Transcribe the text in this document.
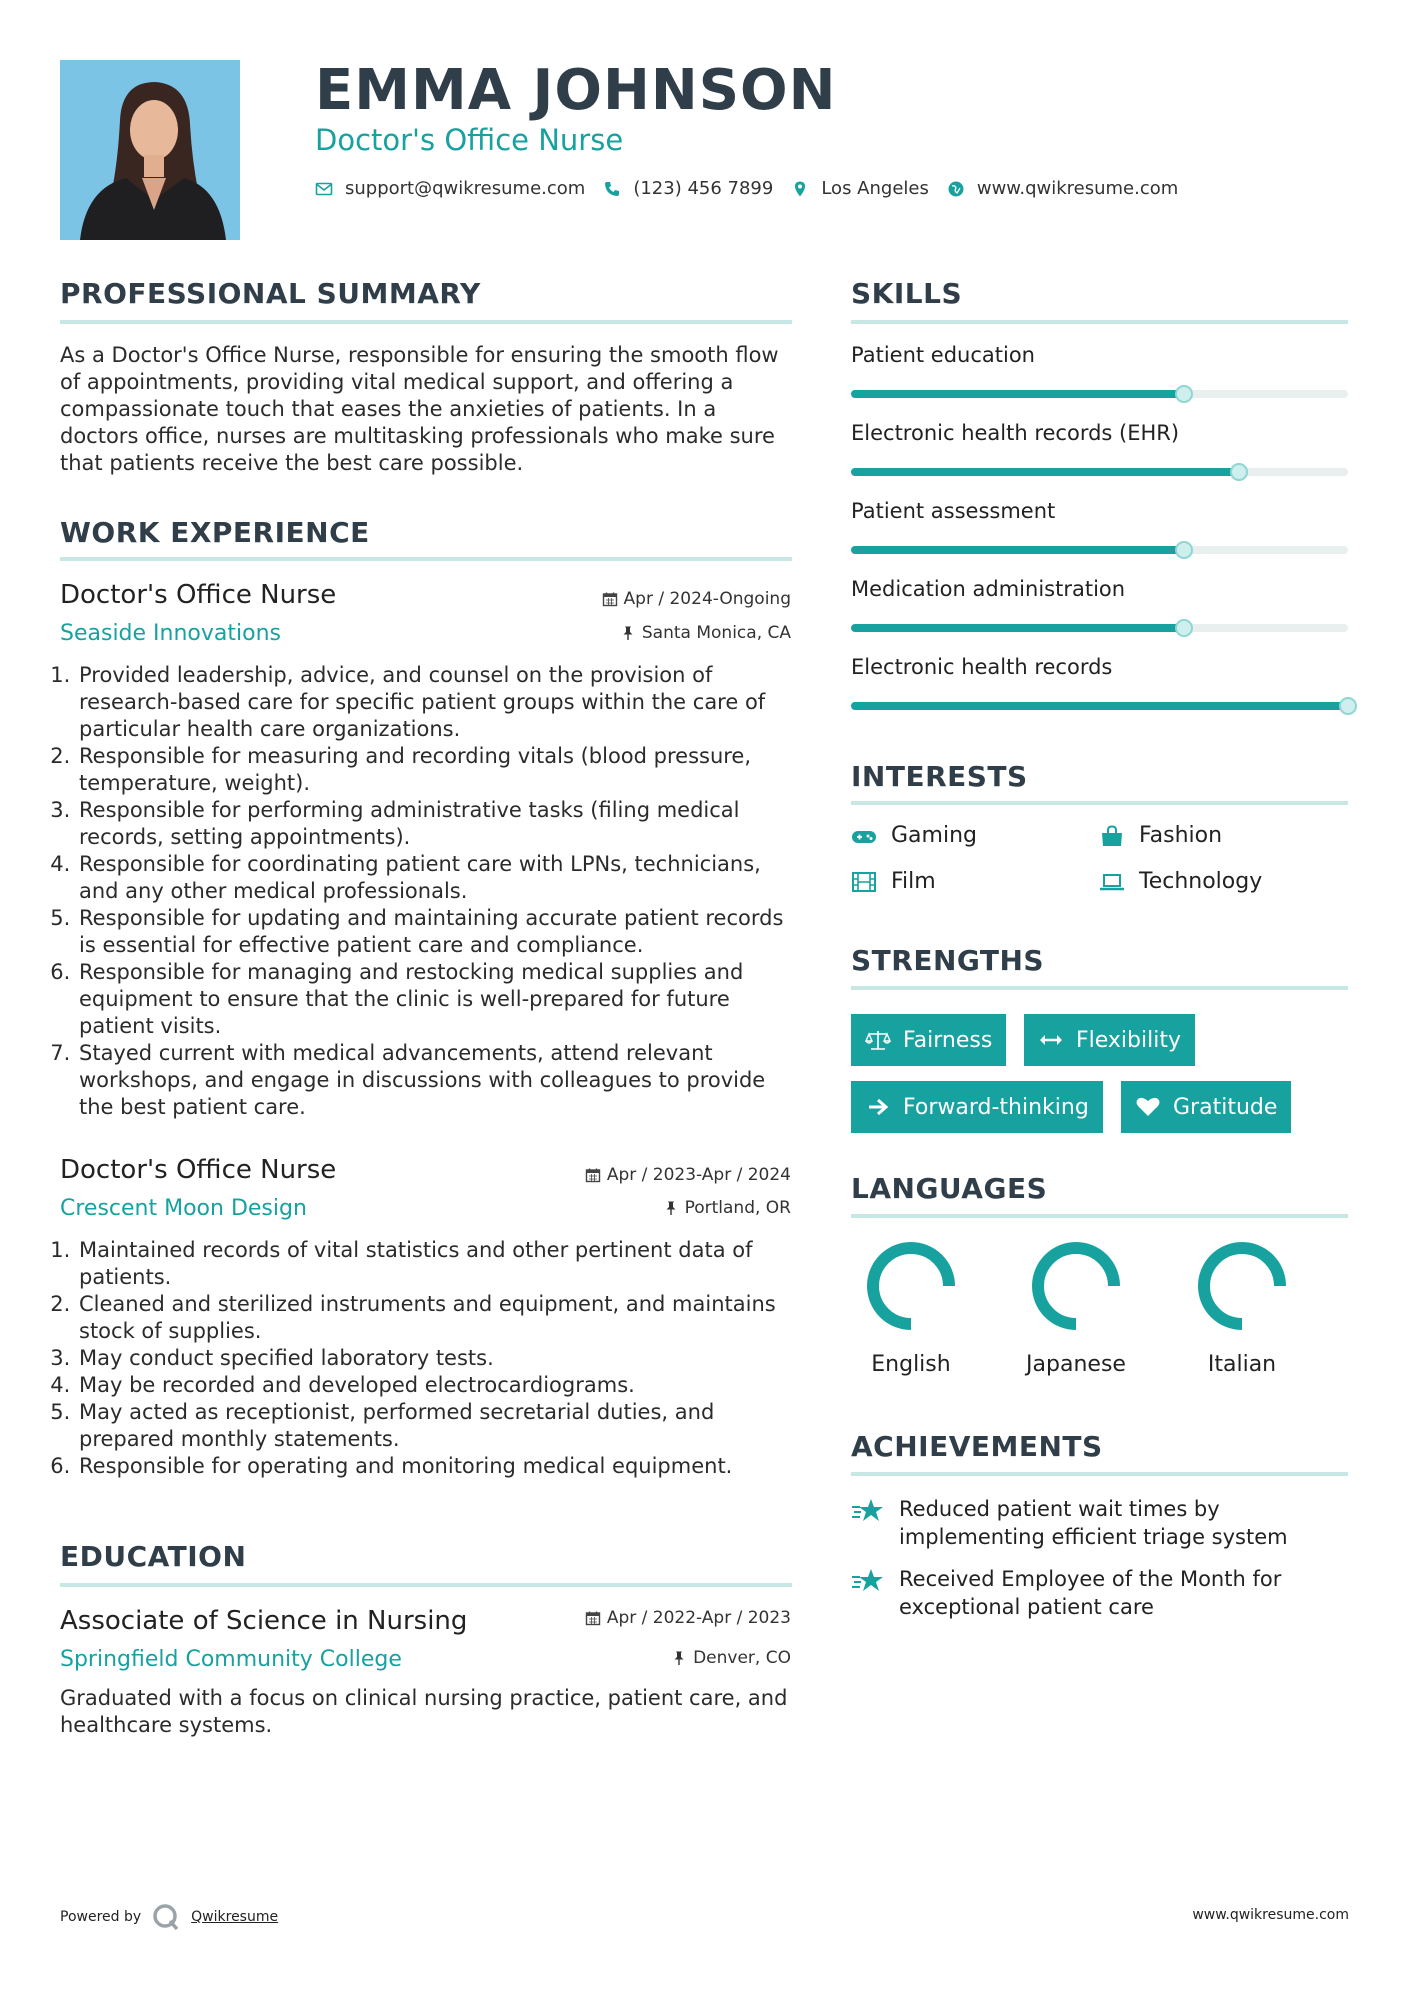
EMMA JOHNSON
Doctor's Office Nurse
support@qwikresume.com	(123) 456 7899	Los Angeles	www.qwikresume.com
PROFESSIONAL SUMMARY
As a Doctor's Office Nurse, responsible for ensuring the smooth flow of appointments, providing vital medical support, and offering a compassionate touch that eases the anxieties of patients. In a doctors office, nurses are multitasking professionals who make sure that patients receive the best care possible.
WORK EXPERIENCE
Doctor's Office Nurse	Apr / 2024-Ongoing
Seaside Innovations	Santa Monica, CA
1. Provided leadership, advice, and counsel on the provision of research-based care for specific patient groups within the care of particular health care organizations.
2. Responsible for measuring and recording vitals (blood pressure, temperature, weight).
3. Responsible for performing administrative tasks (filing medical records, setting appointments).
4. Responsible for coordinating patient care with LPNs, technicians, and any other medical professionals.
5. Responsible for updating and maintaining accurate patient records is essential for effective patient care and compliance.
6. Responsible for managing and restocking medical supplies and equipment to ensure that the clinic is well-prepared for future patient visits.
7. Stayed current with medical advancements, attend relevant workshops, and engage in discussions with colleagues to provide the best patient care.
Doctor's Office Nurse	Apr / 2023-Apr / 2024
Crescent Moon Design	Portland, OR
1. Maintained records of vital statistics and other pertinent data of patients.
2. Cleaned and sterilized instruments and equipment, and maintains stock of supplies.
3. May conduct specified laboratory tests.
4. May be recorded and developed electrocardiograms.
5. May acted as receptionist, performed secretarial duties, and prepared monthly statements.
6. Responsible for operating and monitoring medical equipment.
EDUCATION
Associate of Science in Nursing	Apr / 2022-Apr / 2023
Springfield Community College	Denver, CO
Graduated with a focus on clinical nursing practice, patient care, and healthcare systems.
SKILLS
Patient education
Electronic health records (EHR)
Patient assessment
Medication administration
Electronic health records
INTERESTS
Gaming	Fashion
Film	Technology
STRENGTHS
Fairness	Flexibility
Forward-thinking	Gratitude
LANGUAGES
English	Japanese	Italian
ACHIEVEMENTS
Reduced patient wait times by implementing efficient triage system
Received Employee of the Month for exceptional patient care
Powered by	Qwikresume	www.qwikresume.com
